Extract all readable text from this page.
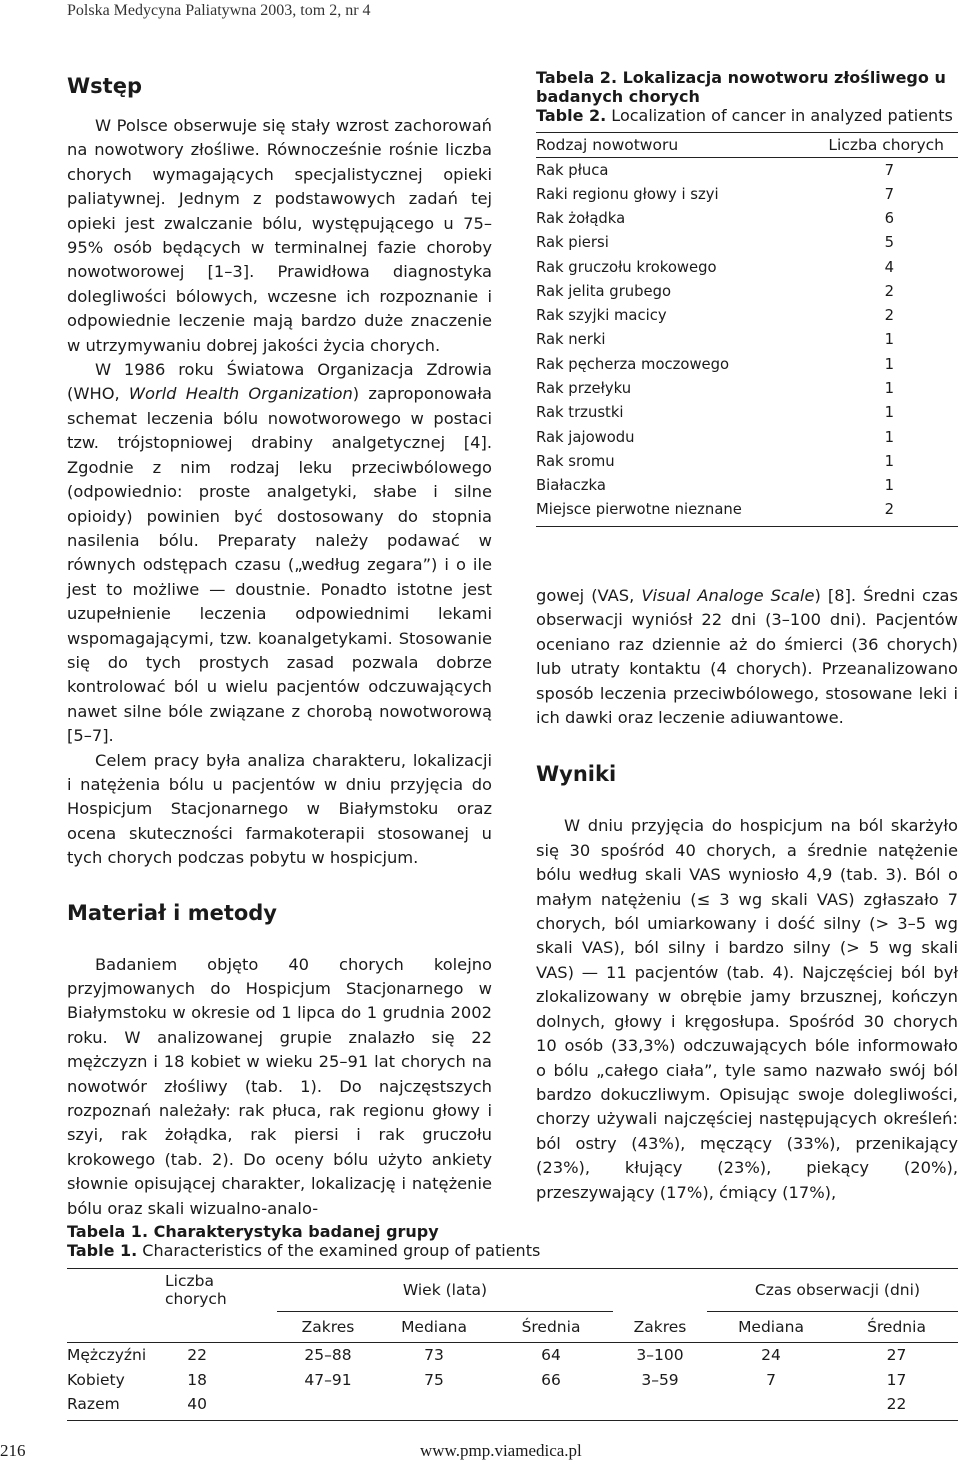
Polska Medycyna Paliatywna 2003, tom 2, nr 4
Wstęp

W Polsce obserwuje się stały wzrost zachorowań na nowotwory złośliwe. Równocześnie rośnie liczba chorych wymagających specjalistycznej opieki paliatywnej. Jednym z podstawowych zadań tej opieki jest zwalczanie bólu, występującego u 75–95% osób będących w terminalnej fazie choroby nowotworowej [1–3]. Prawidłowa diagnostyka dolegliwości bólowych, wczesne ich rozpoznanie i odpowiednie leczenie mają bardzo duże znaczenie w utrzymywaniu dobrej jakości życia chorych.

W 1986 roku Światowa Organizacja Zdrowia (WHO, World Health Organization) zaproponowała schemat leczenia bólu nowotworowego w postaci tzw. trójstopniowej drabiny analgetycznej [4]. Zgodnie z nim rodzaj leku przeciwbólowego (odpowiednio: proste analgetyki, słabe i silne opioidy) powinien być dostosowany do stopnia nasilenia bólu. Preparaty należy podawać w równych odstępach czasu („według zegara”) i o ile jest to możliwe — doustnie. Ponadto istotne jest uzupełnienie leczenia odpowiednimi lekami wspomagającymi, tzw. koanalgetykami. Stosowanie się do tych prostych zasad pozwala dobrze kontrolować ból u wielu pacjentów odczuwających nawet silne bóle związane z chorobą nowotworową [5–7].

Celem pracy była analiza charakteru, lokalizacji i natężenia bólu u pacjentów w dniu przyjęcia do Hospicjum Stacjonarnego w Białymstoku oraz ocena skuteczności farmakoterapii stosowanej u tych chorych podczas pobytu w hospicjum.

Materiał i metody

Badaniem objęto 40 chorych kolejno przyjmowanych do Hospicjum Stacjonarnego w Białymstoku w okresie od 1 lipca do 1 grudnia 2002 roku. W analizowanej grupie znalazło się 22 mężczyzn i 18 kobiet w wieku 25–91 lat chorych na nowotwór złośliwy (tab. 1). Do najczęstszych rozpoznań należały: rak płuca, rak regionu głowy i szyi, rak żołądka, rak piersi i rak gruczołu krokowego (tab. 2). Do oceny bólu użyto ankiety słownie opisującej charakter, lokalizację i natężenie bólu oraz skali wizualno-analo-

Tabela 2. Lokalizacja nowotworu złośliwego u badanych chorych
Table 2. Localization of cancer in analyzed patients
Rodzaj nowotworu	Liczba chorych
Rak płuca	7
Raki regionu głowy i szyi	7
Rak żołądka	6
Rak piersi	5
Rak gruczołu krokowego	4
Rak jelita grubego	2
Rak szyjki macicy	2
Rak nerki	1
Rak pęcherza moczowego	1
Rak przełyku	1
Rak trzustki	1
Rak jajowodu	1
Rak sromu	1
Białaczka	1
Miejsce pierwotne nieznane	2

gowej (VAS, Visual Analoge Scale) [8]. Średni czas obserwacji wyniósł 22 dni (3–100 dni). Pacjentów oceniano raz dziennie aż do śmierci (36 chorych) lub utraty kontaktu (4 chorych). Przeanalizowano sposób leczenia przeciwbólowego, stosowane leki i ich dawki oraz leczenie adiuwantowe.

Wyniki

W dniu przyjęcia do hospicjum na ból skarżyło się 30 spośród 40 chorych, a średnie natężenie bólu według skali VAS wyniosło 4,9 (tab. 3). Ból o małym natężeniu (≤ 3 wg skali VAS) zgłaszało 7 chorych, ból umiarkowany i dość silny (> 3–5 wg skali VAS), ból silny i bardzo silny (> 5 wg skali VAS) — 11 pacjentów (tab. 4). Najczęściej ból był zlokalizowany w obrębie jamy brzusznej, kończyn dolnych, głowy i kręgosłupa. Spośród 30 chorych 10 osób (33,3%) odczuwających bóle informowało o bólu „całego ciała”, tyle samo nazwało swój ból bardzo dokuczliwym. Opisując swoje dolegliwości, chorzy używali najczęściej następujących określeń: ból ostry (43%), męczący (33%), przenikający (23%), kłujący (23%), piekący (20%), przeszywający (17%), ćmiący (17%),

Tabela 1. Charakterystyka badanej grupy
Table 1. Characteristics of the examined group of patients
	Liczba chorych	Wiek (lata)				Czas obserwacji (dni)	
		Zakres	Mediana	Średnia	Zakres	Mediana	Średnia
Mężczyźni	22	25–88	73	64	3–100	24	27
Kobiety	18	47–91	75	66	3–59	7	17
Razem	40						22
216	www.pmp.viamedica.pl
